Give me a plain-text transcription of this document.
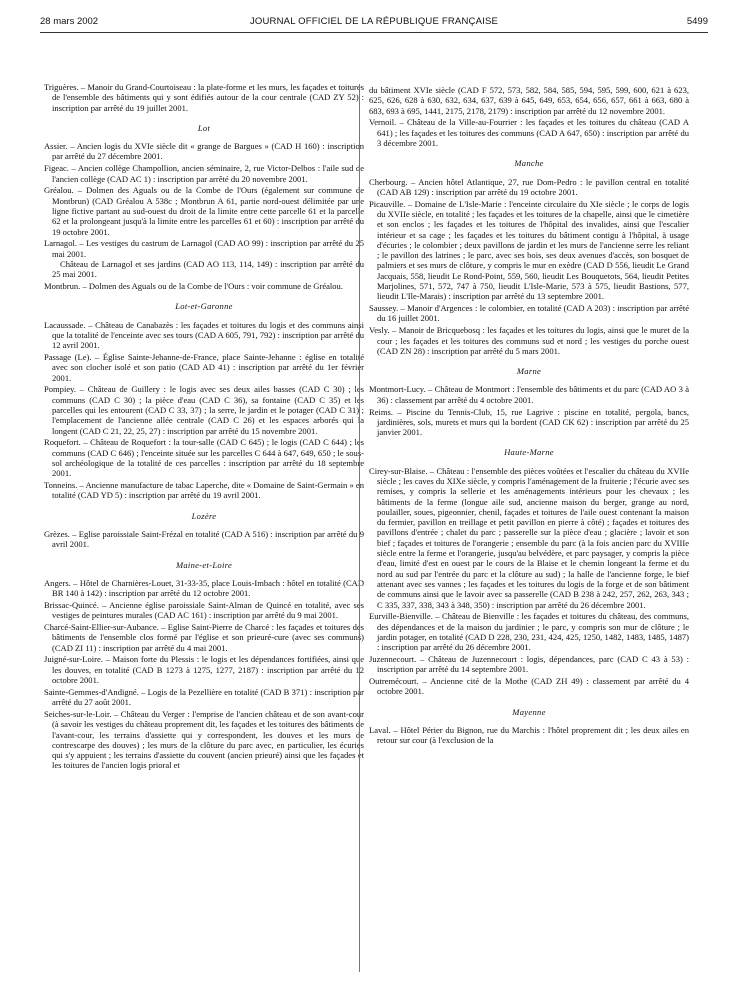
28 mars 2002	JOURNAL OFFICIEL DE LA RÉPUBLIQUE FRANÇAISE	5499
Triguères. – Manoir du Grand-Courtoiseau : la plate-forme et les murs, les façades et toitures de l'ensemble des bâtiments qui y sont édifiés autour de la cour centrale (CAD ZY 52) : inscription par arrêté du 19 juillet 2001.
Lot
Assier. – Ancien logis du XVIe siècle dit « grange de Bargues » (CAD H 160) : inscription par arrêté du 27 décembre 2001.
Figeac. – Ancien collège Champollion, ancien séminaire, 2, rue Victor-Delbos : l'aile sud de l'ancien collège (CAD AC 1) : inscription par arrêté du 20 novembre 2001.
Gréalou. – Dolmen des Aguals ou de la Combe de l'Ours (également sur commune de Montbrun) (CAD Gréalou A 538c ; Montbrun A 61, partie nord-ouest délimitée par une ligne fictive partant au sud-ouest du droit de la limite entre cette parcelle 61 et la parcelle 62 et la prolongeant jusqu'à la limite entre les parcelles 61 et 60) : inscription par arrêté du 19 octobre 2001.
Larnagol. – Les vestiges du castrum de Larnagol (CAD AO 99) : inscription par arrêté du 25 mai 2001.
Château de Larnagol et ses jardins (CAD AO 113, 114, 149) : inscription par arrêté du 25 mai 2001.
Montbrun. – Dolmen des Aguals ou de la Combe de l'Ours : voir commune de Gréalou.
Lot-et-Garonne
Lacaussade. – Château de Canabazès : les façades et toitures du logis et des communs ainsi que la totalité de l'enceinte avec ses tours (CAD A 605, 791, 792) : inscription par arrêté du 12 avril 2001.
Passage (Le). – Église Sainte-Jehanne-de-France, place Sainte-Jehanne : église en totalité avec son clocher isolé et son patio (CAD AD 41) : inscription par arrêté du 1er février 2001.
Pompiey. – Château de Guillery : le logis avec ses deux ailes basses (CAD C 30) ; les communs (CAD C 30) ; la pièce d'eau (CAD C 36), sa fontaine (CAD C 35) et les parcelles qui les entourent (CAD C 33, 37) ; la serre, le jardin et le potager (CAD C 31) ; l'emplacement de l'ancienne allée centrale (CAD C 26) et les espaces arborés qui la longent (CAD C 21, 22, 25, 27) : inscription par arrêté du 15 novembre 2001.
Roquefort. – Château de Roquefort : la tour-salle (CAD C 645) ; le logis (CAD C 644) ; les communs (CAD C 646) ; l'enceinte située sur les parcelles C 644 à 647, 649, 650 ; le sous-sol archéologique de la totalité de ces parcelles : inscription par arrêté du 18 septembre 2001.
Tonneins. – Ancienne manufacture de tabac Laperche, dite « Domaine de Saint-Germain » en totalité (CAD YD 5) : inscription par arrêté du 19 avril 2001.
Lozère
Grèzes. – Eglise paroissiale Saint-Frézal en totalité (CAD A 516) : inscription par arrêté du 9 avril 2001.
Maine-et-Loire
Angers. – Hôtel de Charnières-Louet, 31-33-35, place Louis-Imbach : hôtel en totalité (CAD BR 140 à 142) : inscription par arrêté du 12 octobre 2001.
Brissac-Quincé. – Ancienne église paroissiale Saint-Alman de Quincé en totalité, avec ses vestiges de peintures murales (CAD AC 161) : inscription par arrêté du 9 mai 2001.
Charcé-Saint-Ellier-sur-Aubance. – Eglise Saint-Pierre de Charcé : les façades et toitures des bâtiments de l'ensemble clos formé par l'église et son prieuré-cure (avec ses communs) (CAD ZI 11) : inscription par arrêté du 4 mai 2001.
Juigné-sur-Loire. – Maison forte du Plessis : le logis et les dépendances fortifiées, ainsi que les douves, en totalité (CAD B 1273 à 1275, 1277, 2187) : inscription par arrêté du 12 octobre 2001.
Sainte-Gemmes-d'Andigné. – Logis de la Pezellière en totalité (CAD B 371) : inscription par arrêté du 27 août 2001.
Seiches-sur-le-Loir. – Château du Verger : l'emprise de l'ancien château et de son avant-cour (à savoir les vestiges du château proprement dit, les façades et les toitures des bâtiments de l'avant-cour, les terrains d'assiette qui y correspondent, les douves et les murs de contrescarpe des douves) ; les murs de la clôture du parc avec, en particulier, les écuries qui s'y appuient ; les terrains d'assiette du couvent (ancien prieuré) ainsi que les façades et les toitures de l'ancien logis prioral et
du bâtiment XVIe siècle (CAD F 572, 573, 582, 584, 585, 594, 595, 599, 600, 621 à 623, 625, 626, 628 à 630, 632, 634, 637, 639 à 645, 649, 653, 654, 656, 657, 661 à 663, 680 à 683, 693 à 695, 1441, 2175, 2178, 2179) : inscription par arrêté du 12 novembre 2001.
Vernoil. – Château de la Ville-au-Fourrier : les façades et les toitures du château (CAD A 641) ; les façades et les toitures des communs (CAD A 647, 650) : inscription par arrêté du 3 décembre 2001.
Manche
Cherbourg. – Ancien hôtel Atlantique, 27, rue Dom-Pedro : le pavillon central en totalité (CAD AB 129) : inscription par arrêté du 19 octobre 2001.
Picauville. – Domaine de L'Isle-Marie : l'enceinte circulaire du XIe siècle ; le corps de logis du XVIIe siècle, en totalité ; les façades et les toitures de la chapelle, ainsi que le cimetière et son enclos ; les façades et les toitures de l'hôpital des invalides, ainsi que l'escalier intérieur et sa cage ; les façades et les toitures du bâtiment contigu à l'hôpital, à usage d'écuries ; le colombier ; deux pavillons de jardin et les murs de l'ancienne serre les reliant ; le pavillon des latrines ; le parc, avec ses bois, ses deux avenues d'accès, son bosquet de palmiers et ses murs de clôture, y compris le mur en exèdre (CAD D 556, lieudit Le Grand Jacquais, 558, lieudit Le Rond-Point, 559, 560, lieudit Les Bouquetots, 564, lieudit Petites Marjolines, 571, 572, 747 à 750, lieudit L'Isle-Marie, 573 à 575, lieudit Bastions, 577, lieudit L'Ile-Marais) : inscription par arrêté du 13 septembre 2001.
Saussey. – Manoir d'Argences : le colombier, en totalité (CAD A 203) : inscription par arrêté du 16 juillet 2001.
Vesly. – Manoir de Bricquebosq : les façades et les toitures du logis, ainsi que le muret de la cour ; les façades et les toitures des communs sud et nord ; les vestiges du porche ouest (CAD ZN 28) : inscription par arrêté du 5 mars 2001.
Marne
Montmort-Lucy. – Château de Montmort : l'ensemble des bâtiments et du parc (CAD AO 3 à 36) : classement par arrêté du 4 octobre 2001.
Reims. – Piscine du Tennis-Club, 15, rue Lagrive : piscine en totalité, pergola, bancs, jardinières, sols, murets et murs qui la bordent (CAD CK 62) : inscription par arrêté du 25 janvier 2001.
Haute-Marne
Cirey-sur-Blaise. – Château : l'ensemble des pièces voûtées et l'escalier du château du XVIIe siècle ; les caves du XIXe siècle, y compris l'aménagement de la fruiterie ; l'écurie avec ses remises, y compris la sellerie et les aménagements intérieurs pour les chevaux ; les bâtiments de la ferme (longue aile sud, ancienne maison du berger, grange au nord, poulailler, soues, pigeonnier, chenil, façades et toitures de l'aile ouest contenant la maison du fermier, pavillon en treillage et petit pavillon en pierre à côté) ; façades et toitures des pavillons d'entrée ; chalet du parc ; passerelle sur la pièce d'eau ; glacière ; lavoir et son bief ; façades et toitures de l'orangerie ; ensemble du parc (à la fois ancien parc du XVIIIe siècle entre la ferme et l'orangerie, jusqu'au belvédère, et parc paysager, y compris la pièce d'eau, limité d'est en ouest par le cours de la Blaise et le chemin longeant la ferme et du nord au sud par l'entrée du parc et la clôture au sud) ; la halle de l'ancienne forge, le bief attenant avec ses vannes ; les façades et les toitures du logis de la forge et de son bâtiment de communs ainsi que le lavoir avec sa passerelle (CAD B 238 à 242, 257, 262, 263, 343 ; C 335, 337, 338, 343 à 348, 350) : inscription par arrêté du 26 décembre 2001.
Eurville-Bienville. – Château de Bienville : les façades et toitures du château, des communs, des dépendances et de la maison du jardinier ; le parc, y compris son mur de clôture ; le jardin potager, en totalité (CAD D 228, 230, 231, 424, 425, 1250, 1482, 1483, 1485, 1487) : inscription par arrêté du 26 décembre 2001.
Juzennecourt. – Château de Juzennecourt : logis, dépendances, parc (CAD C 43 à 53) : inscription par arrêté du 14 septembre 2001.
Outremécourt. – Ancienne cité de la Mothe (CAD ZH 49) : classement par arrêté du 4 octobre 2001.
Mayenne
Laval. – Hôtel Périer du Bignon, rue du Marchis : l'hôtel proprement dit ; les deux ailes en retour sur cour (à l'exclusion de la
